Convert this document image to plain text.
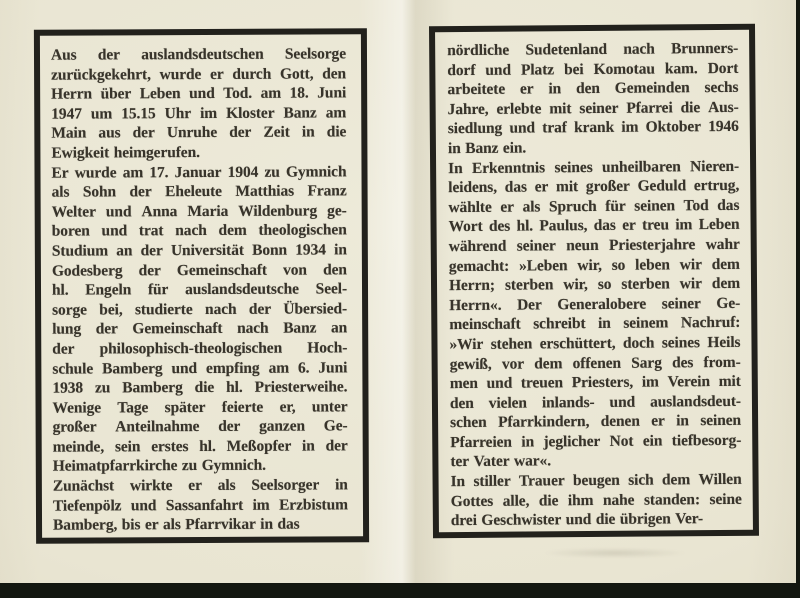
Aus der auslandsdeutschen Seelsorge
zurückgekehrt, wurde er durch Gott, den
Herrn über Leben und Tod. am 18. Juni
1947 um 15.15 Uhr im Kloster Banz am
Main aus der Unruhe der Zeit in die
Ewigkeit heimgerufen.
Er wurde am 17. Januar 1904 zu Gymnich
als Sohn der Eheleute Matthias Franz
Welter und Anna Maria Wildenburg ge-
boren und trat nach dem theologischen
Studium an der Universität Bonn 1934 in
Godesberg der Gemeinschaft von den
hl. Engeln für auslandsdeutsche Seel-
sorge bei, studierte nach der Übersied-
lung der Gemeinschaft nach Banz an
der philosophisch-theologischen Hoch-
schule Bamberg und empfing am 6. Juni
1938 zu Bamberg die hl. Priesterweihe.
Wenige Tage später feierte er, unter
großer Anteilnahme der ganzen Ge-
meinde, sein erstes hl. Meßopfer in der
Heimatpfarrkirche zu Gymnich.
Zunächst wirkte er als Seelsorger in
Tiefenpölz und Sassanfahrt im Erzbistum
Bamberg, bis er als Pfarrvikar in das
nördliche Sudetenland nach Brunners-
dorf und Platz bei Komotau kam. Dort
arbeitete er in den Gemeinden sechs
Jahre, erlebte mit seiner Pfarrei die Aus-
siedlung und traf krank im Oktober 1946
in Banz ein.
In Erkenntnis seines unheilbaren Nieren-
leidens, das er mit großer Geduld ertrug,
wählte er als Spruch für seinen Tod das
Wort des hl. Paulus, das er treu im Leben
während seiner neun Priesterjahre wahr
gemacht: »Leben wir, so leben wir dem
Herrn; sterben wir, so sterben wir dem
Herrn«. Der Generalobere seiner Ge-
meinschaft schreibt in seinem Nachruf:
»Wir stehen erschüttert, doch seines Heils
gewiß, vor dem offenen Sarg des from-
men und treuen Priesters, im Verein mit
den vielen inlands- und auslandsdeut-
schen Pfarrkindern, denen er in seinen
Pfarreien in jeglicher Not ein tiefbesorg-
ter Vater war«.
In stiller Trauer beugen sich dem Willen
Gottes alle, die ihm nahe standen: seine
drei Geschwister und die übrigen Ver-
